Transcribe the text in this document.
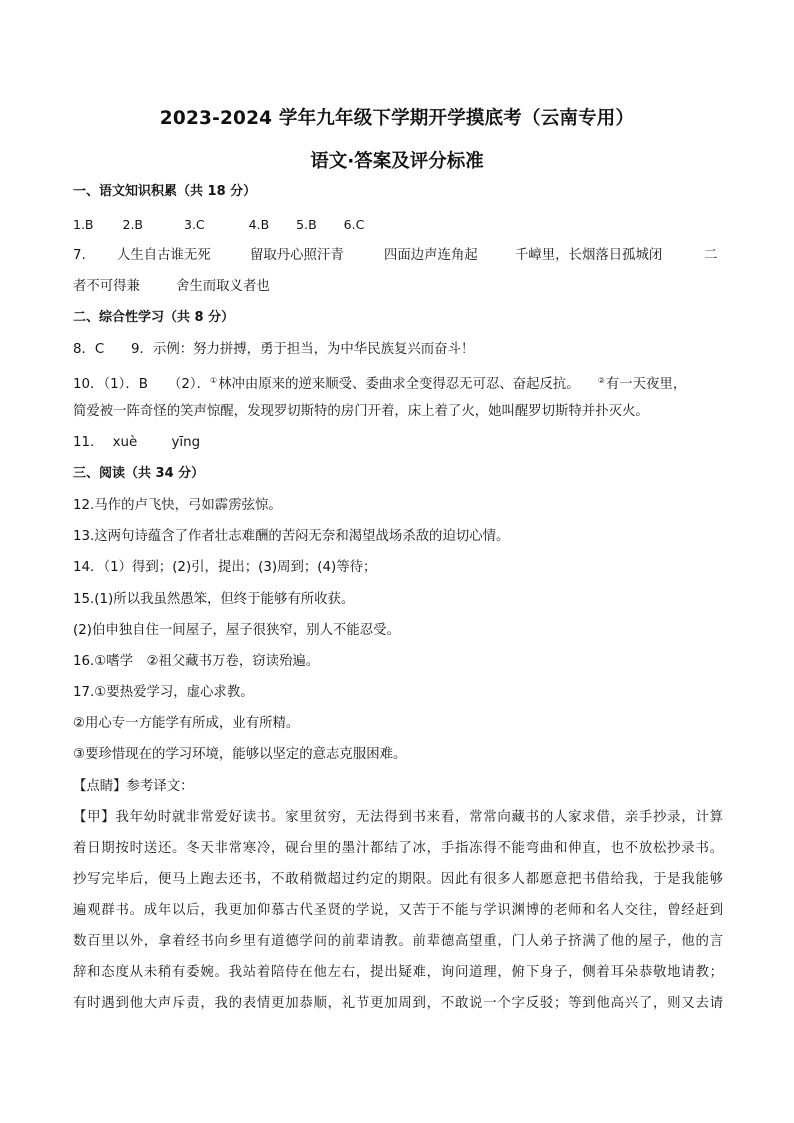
2023-2024 学年九年级下学期开学摸底考（云南专用）
语文·答案及评分标准
一、语文知识积累（共 18 分）
1.B 2.B	3.C	4.B 5.B 6.C
7. 人生自古谁无死	留取丹心照汗青	四面边声连角起	千嶂里，长烟落日孤城闭	二
者不可得兼	舍生而取义者也
二、综合性学习（共 8 分）
8．C　　9．示例：努力拼搏，勇于担当，为中华民族复兴而奋斗！
10．（1）．B　　（2）．①林冲由原来的逆来顺受、委曲求全变得忍无可忍、奋起反抗。 ②有一天夜里，
简爱被一阵奇怪的笑声惊醒，发现罗切斯特的房门开着，床上着了火，她叫醒罗切斯特并扑灭火。
11. xuè	yīng
三、阅读（共 34 分）
12.马作的卢飞快，弓如霹雳弦惊。
13.这两句诗蕴含了作者壮志难酬的苦闷无奈和渴望战场杀敌的迫切心情。
14．（1）得到；(2)引，提出；(3)周到；(4)等待；
15.(1)所以我虽然愚笨，但终于能够有所收获。
(2)伯申独自住一间屋子，屋子很狭窄，别人不能忍受。
16.①嗜学　②祖父藏书万卷，窃读殆遍。
17.①要热爱学习，虚心求教。
②用心专一方能学有所成，业有所精。
③要珍惜现在的学习环境，能够以坚定的意志克服困难。
【点睛】参考译文：
【甲】我年幼时就非常爱好读书。家里贫穷，无法得到书来看，常常向藏书的人家求借，亲手抄录，计算
着日期按时送还。冬天非常寒冷，砚台里的墨汁都结了冰，手指冻得不能弯曲和伸直，也不放松抄录书。
抄写完毕后，便马上跑去还书，不敢稍微超过约定的期限。因此有很多人都愿意把书借给我，于是我能够
遍观群书。成年以后，我更加仰慕古代圣贤的学说，又苦于不能与学识渊博的老师和名人交往，曾经赶到
数百里以外，拿着经书向乡里有道德学问的前辈请教。前辈德高望重，门人弟子挤满了他的屋子，他的言
辞和态度从未稍有委婉。我站着陪侍在他左右，提出疑难，询问道理，俯下身子，侧着耳朵恭敬地请教；
有时遇到他大声斥责，我的表情更加恭顺，礼节更加周到，不敢说一个字反驳；等到他高兴了，则又去请
